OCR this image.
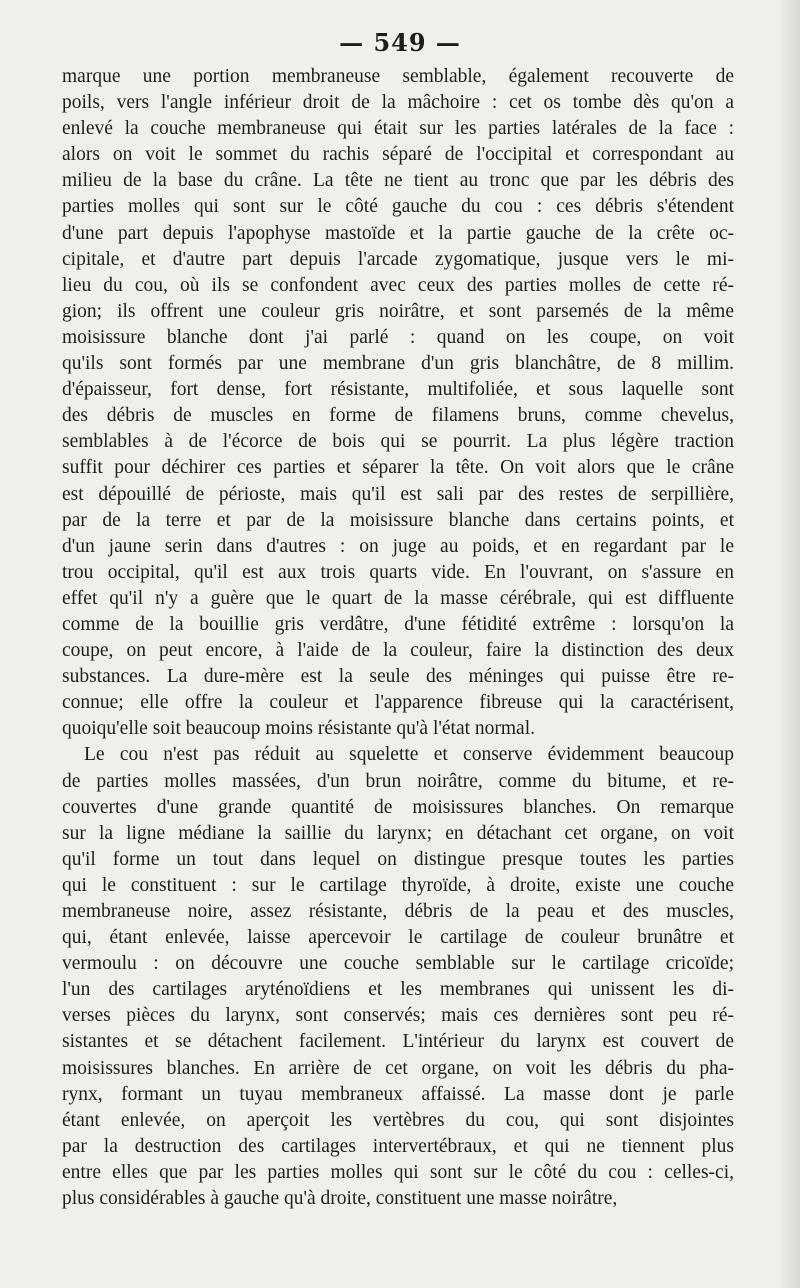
— 549 —
marque une portion membraneuse semblable, également recouverte de
poils, vers l'angle inférieur droit de la mâchoire : cet os tombe dès qu'on a
enlevé la couche membraneuse qui était sur les parties latérales de la face :
alors on voit le sommet du rachis séparé de l'occipital et correspondant au
milieu de la base du crâne. La tête ne tient au tronc que par les débris des
parties molles qui sont sur le côté gauche du cou : ces débris s'étendent
d'une part depuis l'apophyse mastoïde et la partie gauche de la crête oc-
cipitale, et d'autre part depuis l'arcade zygomatique, jusque vers le mi-
lieu du cou, où ils se confondent avec ceux des parties molles de cette ré-
gion; ils offrent une couleur gris noirâtre, et sont parsemés de la même
moisissure blanche dont j'ai parlé : quand on les coupe, on voit
qu'ils sont formés par une membrane d'un gris blanchâtre, de 8 millim.
d'épaisseur, fort dense, fort résistante, multifoliée, et sous laquelle sont
des débris de muscles en forme de filamens bruns, comme chevelus,
semblables à de l'écorce de bois qui se pourrit. La plus légère traction
suffit pour déchirer ces parties et séparer la tête. On voit alors que le crâne
est dépouillé de périoste, mais qu'il est sali par des restes de serpillière,
par de la terre et par de la moisissure blanche dans certains points, et
d'un jaune serin dans d'autres : on juge au poids, et en regardant par le
trou occipital, qu'il est aux trois quarts vide. En l'ouvrant, on s'assure en
effet qu'il n'y a guère que le quart de la masse cérébrale, qui est diffluente
comme de la bouillie gris verdâtre, d'une fétidité extrême : lorsqu'on la
coupe, on peut encore, à l'aide de la couleur, faire la distinction des deux
substances. La dure-mère est la seule des méninges qui puisse être re-
connue; elle offre la couleur et l'apparence fibreuse qui la caractérisent,
quoiqu'elle soit beaucoup moins résistante qu'à l'état normal.
Le cou n'est pas réduit au squelette et conserve évidemment beaucoup
de parties molles massées, d'un brun noirâtre, comme du bitume, et re-
couvertes d'une grande quantité de moisissures blanches. On remarque
sur la ligne médiane la saillie du larynx; en détachant cet organe, on voit
qu'il forme un tout dans lequel on distingue presque toutes les parties
qui le constituent : sur le cartilage thyroïde, à droite, existe une couche
membraneuse noire, assez résistante, débris de la peau et des muscles,
qui, étant enlevée, laisse apercevoir le cartilage de couleur brunâtre et
vermoulu : on découvre une couche semblable sur le cartilage cricoïde;
l'un des cartilages aryténoïdiens et les membranes qui unissent les di-
verses pièces du larynx, sont conservés; mais ces dernières sont peu ré-
sistantes et se détachent facilement. L'intérieur du larynx est couvert de
moisissures blanches. En arrière de cet organe, on voit les débris du pha-
rynx, formant un tuyau membraneux affaissé. La masse dont je parle
étant enlevée, on aperçoit les vertèbres du cou, qui sont disjointes
par la destruction des cartilages intervertébraux, et qui ne tiennent plus
entre elles que par les parties molles qui sont sur le côté du cou : celles-ci,
plus considérables à gauche qu'à droite, constituent une masse noirâtre,
